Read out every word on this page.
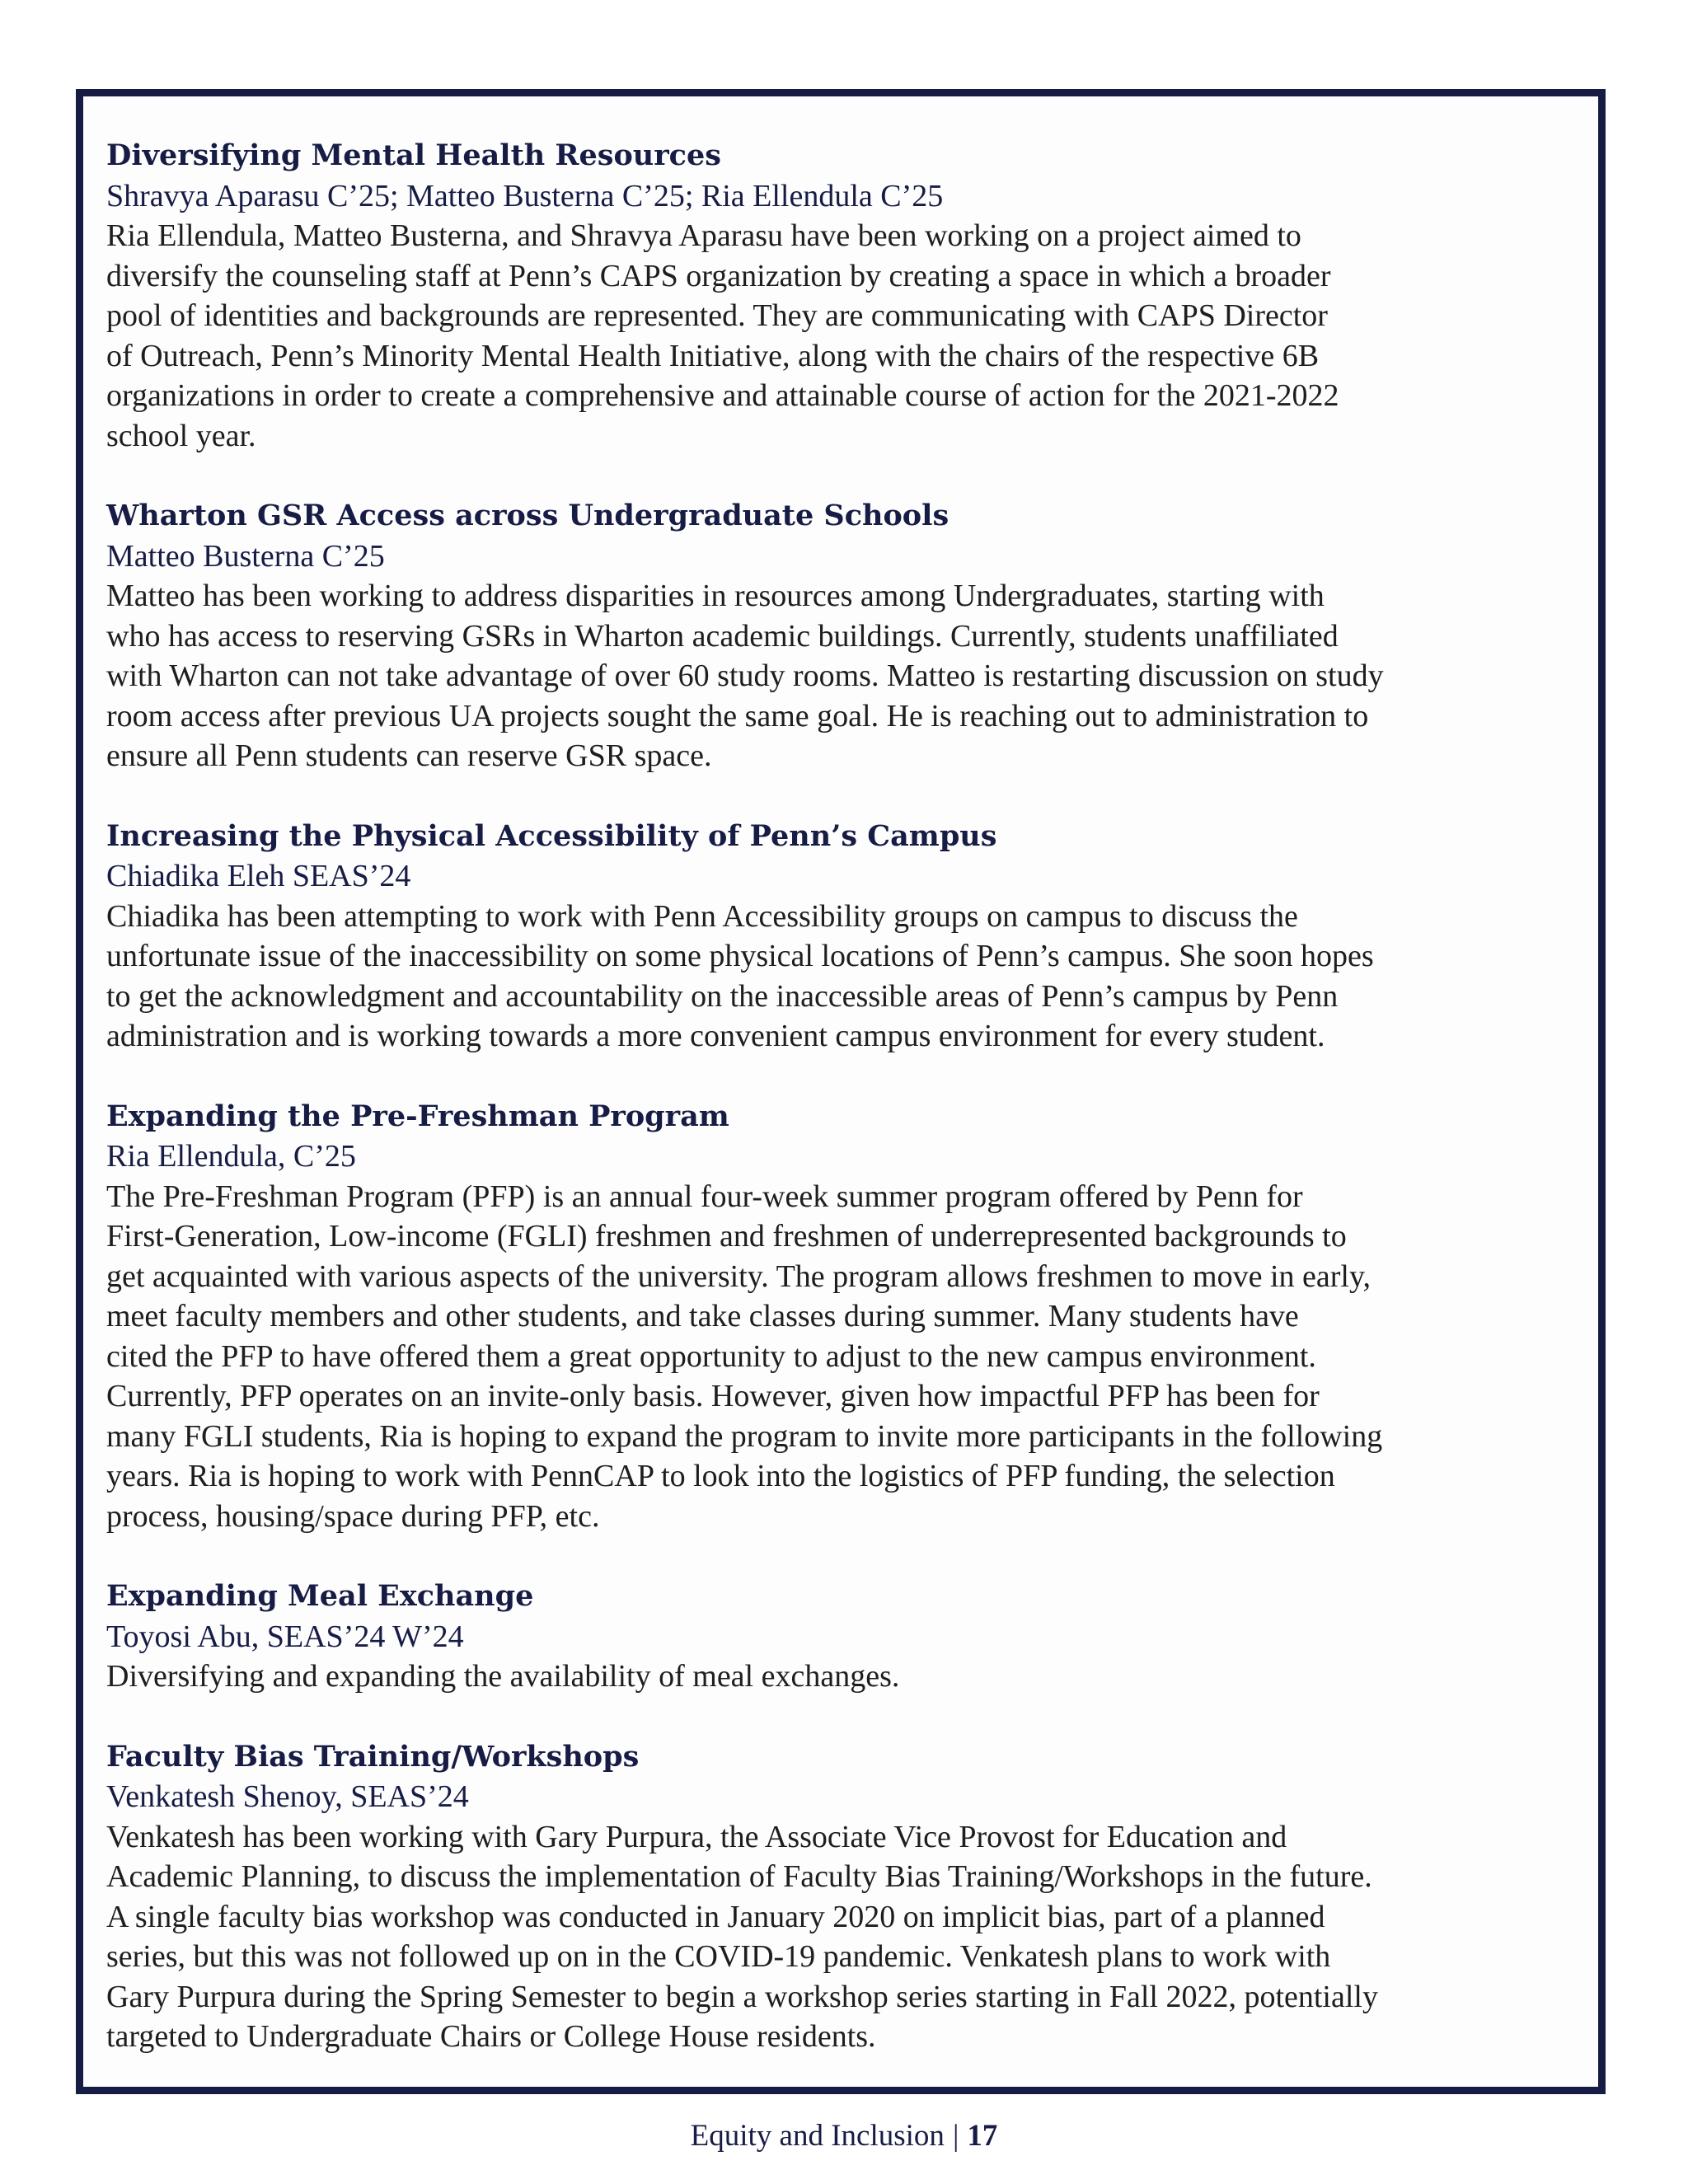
Diversifying Mental Health Resources
Shravya Aparasu C’25; Matteo Busterna C’25; Ria Ellendula C’25
Ria Ellendula, Matteo Busterna, and Shravya Aparasu have been working on a project aimed to
diversify the counseling staff at Penn’s CAPS organization by creating a space in which a broader
pool of identities and backgrounds are represented. They are communicating with CAPS Director
of Outreach, Penn’s Minority Mental Health Initiative, along with the chairs of the respective 6B
organizations in order to create a comprehensive and attainable course of action for the 2021-2022
school year.
Wharton GSR Access across Undergraduate Schools
Matteo Busterna C’25
Matteo has been working to address disparities in resources among Undergraduates, starting with
who has access to reserving GSRs in Wharton academic buildings. Currently, students unaffiliated
with Wharton can not take advantage of over 60 study rooms. Matteo is restarting discussion on study
room access after previous UA projects sought the same goal. He is reaching out to administration to
ensure all Penn students can reserve GSR space.
Increasing the Physical Accessibility of Penn’s Campus
Chiadika Eleh SEAS’24
Chiadika has been attempting to work with Penn Accessibility groups on campus to discuss the
unfortunate issue of the inaccessibility on some physical locations of Penn’s campus. She soon hopes
to get the acknowledgment and accountability on the inaccessible areas of Penn’s campus by Penn
administration and is working towards a more convenient campus environment for every student.
Expanding the Pre-Freshman Program
Ria Ellendula, C’25
The Pre-Freshman Program (PFP) is an annual four-week summer program offered by Penn for
First-Generation, Low-income (FGLI) freshmen and freshmen of underrepresented backgrounds to
get acquainted with various aspects of the university. The program allows freshmen to move in early,
meet faculty members and other students, and take classes during summer. Many students have
cited the PFP to have offered them a great opportunity to adjust to the new campus environment.
Currently, PFP operates on an invite-only basis. However, given how impactful PFP has been for
many FGLI students, Ria is hoping to expand the program to invite more participants in the following
years. Ria is hoping to work with PennCAP to look into the logistics of PFP funding, the selection
process, housing/space during PFP, etc.
Expanding Meal Exchange
Toyosi Abu, SEAS’24 W’24
Diversifying and expanding the availability of meal exchanges.
Faculty Bias Training/Workshops
Venkatesh Shenoy, SEAS’24
Venkatesh has been working with Gary Purpura, the Associate Vice Provost for Education and
Academic Planning, to discuss the implementation of Faculty Bias Training/Workshops in the future.
A single faculty bias workshop was conducted in January 2020 on implicit bias, part of a planned
series, but this was not followed up on in the COVID-19 pandemic. Venkatesh plans to work with
Gary Purpura during the Spring Semester to begin a workshop series starting in Fall 2022, potentially
targeted to Undergraduate Chairs or College House residents.
Equity and Inclusion | 17
